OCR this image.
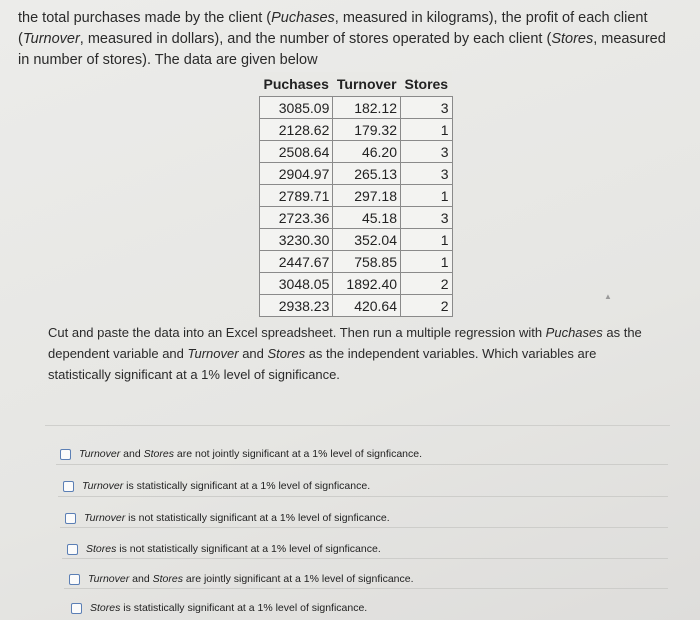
the total purchases made by the client (Puchases, measured in kilograms), the profit of each client (Turnover, measured in dollars), and the number of stores operated by each client (Stores, measured in number of stores). The data are given below
Puchases	Turnover	Stores
3085.09	182.12	3
2128.62	179.32	1
2508.64	46.20	3
2904.97	265.13	3
2789.71	297.18	1
2723.36	45.18	3
3230.30	352.04	1
2447.67	758.85	1
3048.05	1892.40	2
2938.23	420.64	2
▲
Cut and paste the data into an Excel spreadsheet. Then run a multiple regression with Puchases as the dependent variable and Turnover and Stores as the independent variables. Which variables are statistically significant at a 1% level of significance.
Turnover and Stores are not jointly significant at a 1% level of signficance.
Turnover is statistically significant at a 1% level of signficance.
Turnover is not statistically significant at a 1% level of signficance.
Stores is not statistically significant at a 1% level of signficance.
Turnover and Stores are jointly significant at a 1% level of signficance.
Stores is statistically significant at a 1% level of signficance.
